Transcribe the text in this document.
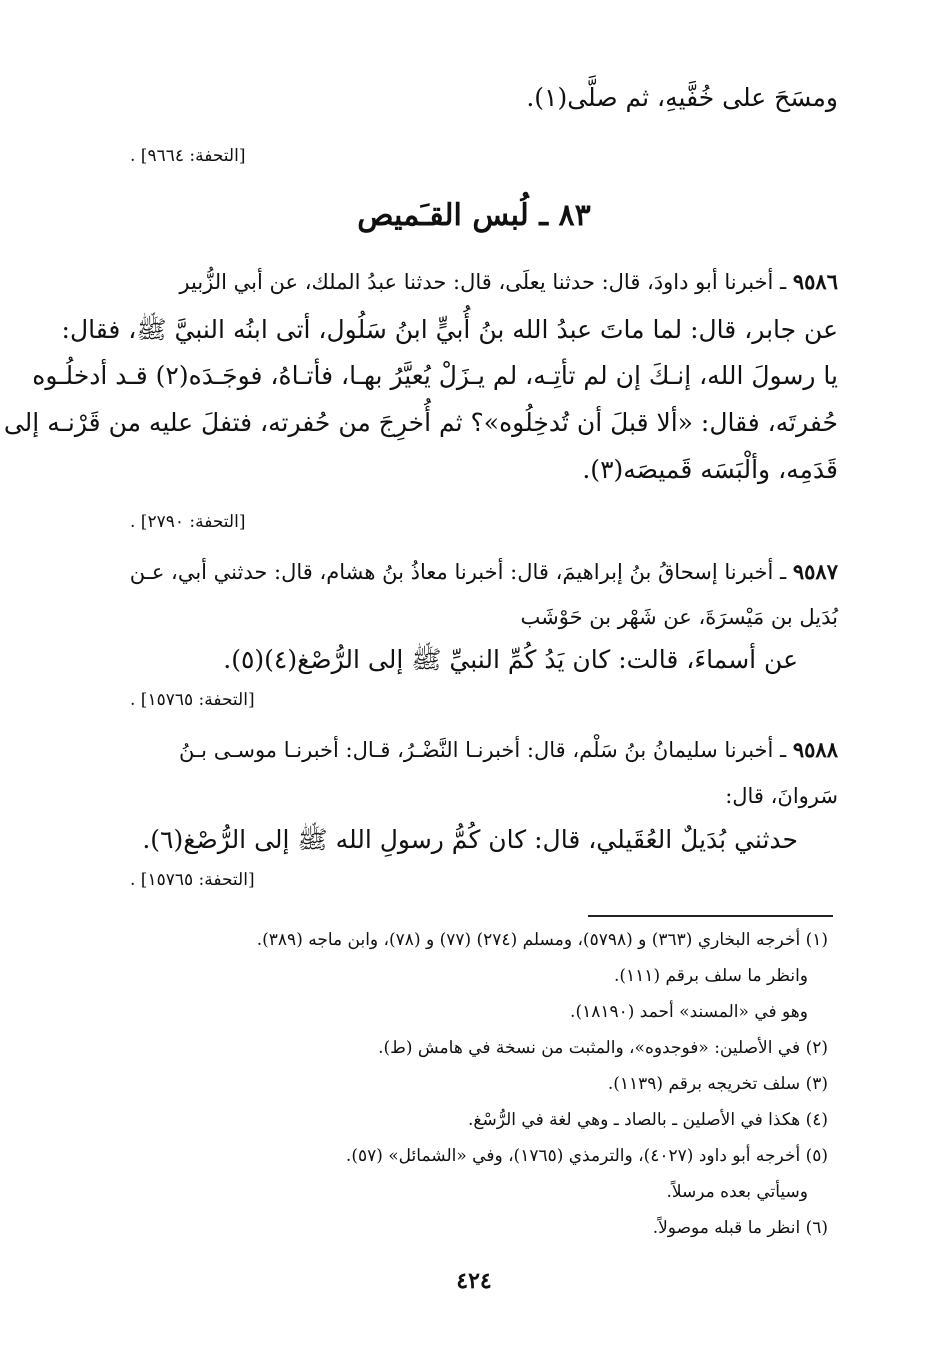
ومسَحَ على خُفَّيهِ، ثم صلَّى(١).
[التحفة: ٩٦٦٤] .
٨٣ ـ لُبس القـَميص
٩٥٨٦ ـ أخبرنا أبو داودَ، قال: حدثنا يعلَى، قال: حدثنا عبدُ الملك، عن أبي الزُّبير
عن جابر، قال: لما ماتَ عبدُ الله بنُ أُبيٍّ ابنُ سَلُول، أتى ابنُه النبيَّ ﷺ، فقال:
يا رسولَ الله، إنـكَ إن لم تأتِـه، لم يـزَلْ يُعيَّرُ بهـا، فأتـاهُ، فوجَـدَه(٢) قـد أدخلُـوه
حُفرتَه، فقال: «ألا قبلَ أن تُدخِلُوه»؟ ثم أُخرِجَ من حُفرته، فتفلَ عليه من قَرْنـه إلى
قَدَمِه، وألْبَسَه قَميصَه(٣).
[التحفة: ٢٧٩٠] .
٩٥٨٧ ـ أخبرنا إسحاقُ بنُ إبراهيمَ، قال: أخبرنا معاذُ بنُ هشام، قال: حدثني أبي، عـن
بُدَيل بن مَيْسرَةَ، عن شَهْر بن حَوْشَب
عن أسماءَ، قالت: كان يَدُ كُمِّ النبيِّ ﷺ إلى الرُّصْغ(٤)(٥).
[التحفة: ١٥٧٦٥] .
٩٥٨٨ ـ أخبرنا سليمانُ بنُ سَلْم، قال: أخبرنـا النَّضْـرُ، قـال: أخبرنـا موسـى بـنُ
سَروانَ، قال:
حدثني بُدَيلٌ العُقَيلي، قال: كان كُمُّ رسولِ الله ﷺ إلى الرُّصْغ(٦).
[التحفة: ١٥٧٦٥] .
(١) أخرجه البخاري (٣٦٣) و (٥٧٩٨)، ومسلم (٢٧٤) (٧٧) و (٧٨)، وابن ماجه (٣٨٩).
وانظر ما سلف برقم (١١١).
وهو في «المسند» أحمد (١٨١٩٠).
(٢) في الأصلين: «فوجدوه»، والمثبت من نسخة في هامش (ط).
(٣) سلف تخريجه برقم (١١٣٩).
(٤) هكذا في الأصلين ـ بالصاد ـ وهي لغة في الرُّسْغ.
(٥) أخرجه أبو داود (٤٠٢٧)، والترمذي (١٧٦٥)، وفي «الشمائل» (٥٧).
وسيأتي بعده مرسلاً.
(٦) انظر ما قبله موصولاً.
٤٢٤
